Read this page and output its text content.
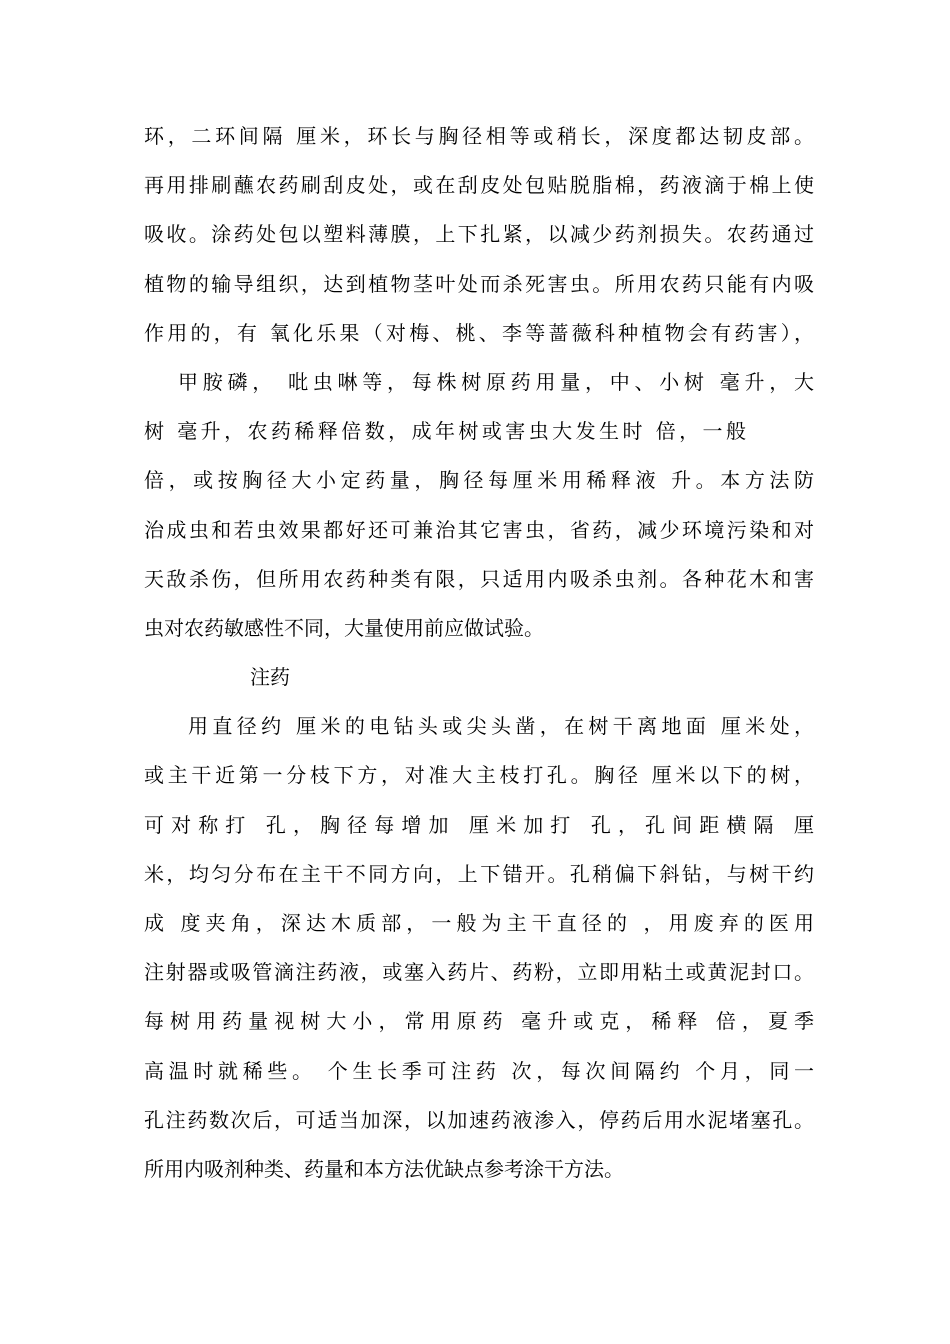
环，二环间隔 厘米，环长与胸径相等或稍长，深度都达韧皮部。
再用排刷蘸农药刷刮皮处，或在刮皮处包贴脱脂棉，药液滴于棉上使
吸收。涂药处包以塑料薄膜，上下扎紧，以减少药剂损失。农药通过
植物的输导组织，达到植物茎叶处而杀死害虫。所用农药只能有内吸
作用的，有 氧化乐果（对梅、桃、李等蔷薇科种植物会有药害），
甲胺磷， 吡虫啉等，每株树原药用量，中、小树 毫升，大
树 毫升，农药稀释倍数，成年树或害虫大发生时 倍，一般
倍，或按胸径大小定药量，胸径每厘米用稀释液 升。本方法防
治成虫和若虫效果都好还可兼治其它害虫，省药，减少环境污染和对
天敌杀伤，但所用农药种类有限，只适用内吸杀虫剂。各种花木和害
虫对农药敏感性不同，大量使用前应做试验。
注药
用直径约 厘米的电钻头或尖头凿，在树干离地面 厘米处，
或主干近第一分枝下方，对准大主枝打孔。胸径 厘米以下的树，
可对称打 孔，胸径每增加 厘米加打 孔，孔间距横隔 厘
米，均匀分布在主干不同方向，上下错开。孔稍偏下斜钻，与树干约
成 度夹角，深达木质部，一般为主干直径的 ，用废弃的医用
注射器或吸管滴注药液，或塞入药片、药粉，立即用粘土或黄泥封口。
每树用药量视树大小，常用原药 毫升或克，稀释 倍，夏季
高温时就稀些。 个生长季可注药 次，每次间隔约 个月，同一
孔注药数次后，可适当加深，以加速药液渗入，停药后用水泥堵塞孔。
所用内吸剂种类、药量和本方法优缺点参考涂干方法。
